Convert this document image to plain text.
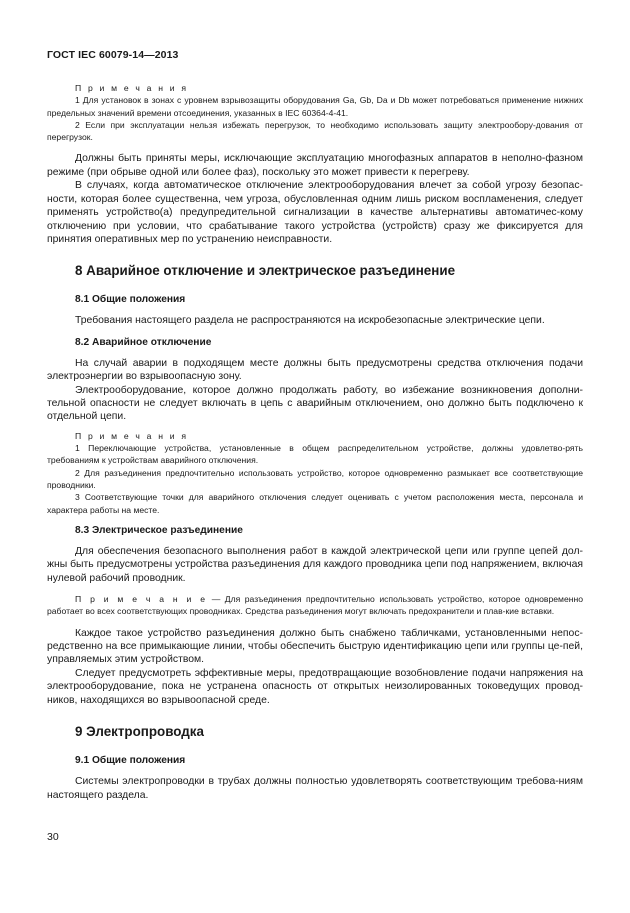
ГОСТ IEC 60079-14—2013

П р и м е ч а н и я

1 Для установок в зонах с уровнем взрывозащиты оборудования Ga, Gb, Da и Db может потребоваться применение нижних предельных значений времени отсоединения, указанных в IEC 60364-4-41.

2 Если при эксплуатации нельзя избежать перегрузок, то необходимо использовать защиту электрообору-дования от перегрузок.

Должны быть приняты меры, исключающие эксплуатацию многофазных аппаратов в неполно-фазном режиме (при обрыве одной или более фаз), поскольку это может привести к перегреву.

В случаях, когда автоматическое отключение электрооборудования влечет за собой угрозу безопас-ности, которая более существенна, чем угроза, обусловленная одним лишь риском воспламенения, следует применять устройство(а) предупредительной сигнализации в качестве альтернативы автоматичес-кому отключению при условии, что срабатывание такого устройства (устройств) сразу же фиксируется для принятия оперативных мер по устранению неисправности.

8 Аварийное отключение и электрическое разъединение
8.1 Общие положения

Требования настоящего раздела не распространяются на искробезопасные электрические цепи.

8.2 Аварийное отключение

На случай аварии в подходящем месте должны быть предусмотрены средства отключения подачи электроэнергии во взрывоопасную зону.

Электрооборудование, которое должно продолжать работу, во избежание возникновения дополни-тельной опасности не следует включать в цепь с аварийным отключением, оно должно быть подключено к отдельной цепи.

П р и м е ч а н и я

1 Переключающие устройства, установленные в общем распределительном устройстве, должны удовлетво-рять требованиям к устройствам аварийного отключения.

2 Для разъединения предпочтительно использовать устройство, которое одновременно размыкает все соответствующие проводники.

3 Соответствующие точки для аварийного отключения следует оценивать с учетом расположения места, персонала и характера работы на месте.

8.3 Электрическое разъединение

Для обеспечения безопасного выполнения работ в каждой электрической цепи или группе цепей дол-жны быть предусмотрены устройства разъединения для каждого проводника цепи под напряжением, включая нулевой рабочий проводник.

П р и м е ч а н и е — Для разъединения предпочтительно использовать устройство, которое одновременно работает во всех соответствующих проводниках. Средства разъединения могут включать предохранители и плав-кие вставки.

Каждое такое устройство разъединения должно быть снабжено табличками, установленными непос-редственно на все примыкающие линии, чтобы обеспечить быструю идентификацию цепи или группы це-пей, управляемых этим устройством.

Следует предусмотреть эффективные меры, предотвращающие возобновление подачи напряжения на электрооборудование, пока не устранена опасность от открытых неизолированных токоведущих провод-ников, находящихся во взрывоопасной среде.

9 Электропроводка
9.1 Общие положения

Системы электропроводки в трубах должны полностью удовлетворять соответствующим требова-ниям настоящего раздела.

30
